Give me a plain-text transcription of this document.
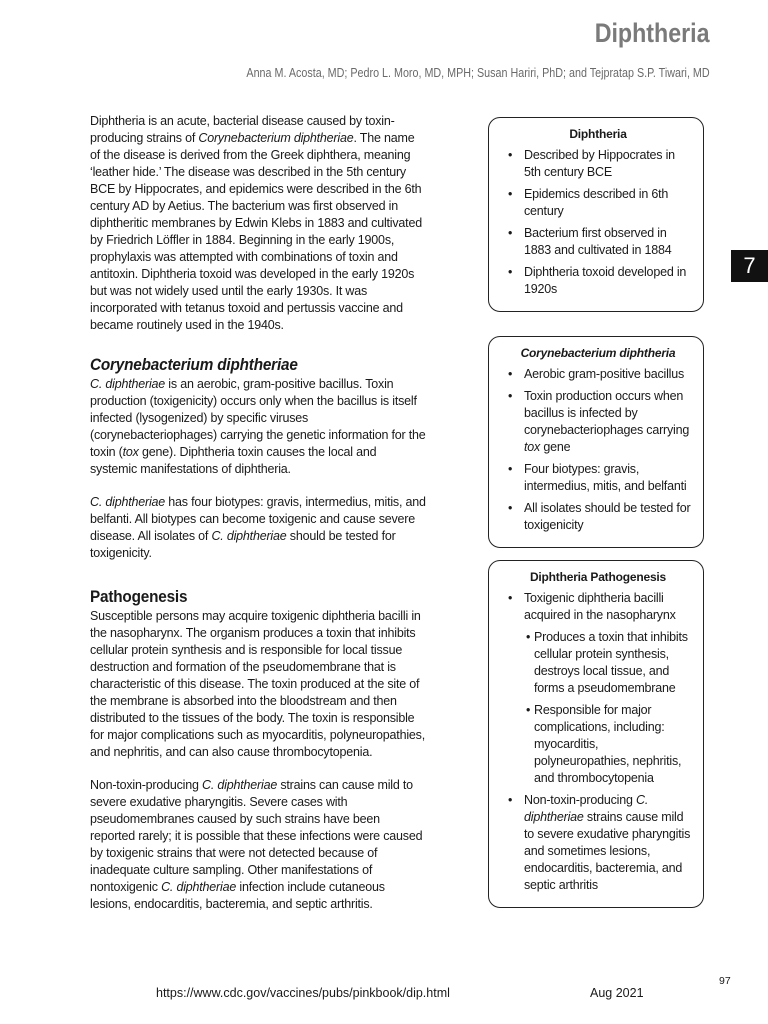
Diphtheria
Anna M. Acosta, MD; Pedro L. Moro, MD, MPH; Susan Hariri, PhD; and Tejpratap S.P. Tiwari, MD
7

Diphtheria is an acute, bacterial disease caused by toxin-producing strains of Corynebacterium diphtheriae. The name of the disease is derived from the Greek diphthera, meaning ‘leather hide.’ The disease was described in the 5th century BCE by Hippocrates, and epidemics were described in the 6th century AD by Aetius. The bacterium was first observed in diphtheritic membranes by Edwin Klebs in 1883 and cultivated by Friedrich Löffler in 1884. Beginning in the early 1900s, prophylaxis was attempted with combinations of toxin and antitoxin. Diphtheria toxoid was developed in the early 1920s but was not widely used until the early 1930s. It was incorporated with tetanus toxoid and pertussis vaccine and became routinely used in the 1940s.

Corynebacterium diphtheriae

C. diphtheriae is an aerobic, gram-positive bacillus. Toxin production (toxigenicity) occurs only when the bacillus is itself infected (lysogenized) by specific viruses (corynebacteriophages) carrying the genetic information for the toxin (tox gene). Diphtheria toxin causes the local and systemic manifestations of diphtheria.

C. diphtheriae has four biotypes: gravis, intermedius, mitis, and belfanti. All biotypes can become toxigenic and cause severe disease. All isolates of C. diphtheriae should be tested for toxigenicity.

Pathogenesis

Susceptible persons may acquire toxigenic diphtheria bacilli in the nasopharynx. The organism produces a toxin that inhibits cellular protein synthesis and is responsible for local tissue destruction and formation of the pseudomembrane that is characteristic of this disease. The toxin produced at the site of the membrane is absorbed into the bloodstream and then distributed to the tissues of the body. The toxin is responsible for major complications such as myocarditis, polyneuropathies, and nephritis, and can also cause thrombocytopenia.

Non-toxin-producing C. diphtheriae strains can cause mild to severe exudative pharyngitis. Severe cases with pseudomembranes caused by such strains have been reported rarely; it is possible that these infections were caused by toxigenic strains that were not detected because of inadequate culture sampling. Other manifestations of nontoxigenic C. diphtheriae infection include cutaneous lesions, endocarditis, bacteremia, and septic arthritis.

Diphtheria
• Described by Hippocrates in 5th century BCE
• Epidemics described in 6th century
• Bacterium first observed in 1883 and cultivated in 1884
• Diphtheria toxoid developed in 1920s
Corynebacterium diphtheria
• Aerobic gram-positive bacillus
• Toxin production occurs when bacillus is infected by corynebacteriophages carrying tox gene
• Four biotypes: gravis, intermedius, mitis, and belfanti
• All isolates should be tested for toxigenicity
Diphtheria Pathogenesis
• Toxigenic diphtheria bacilli acquired in the nasopharynx
• Produces a toxin that inhibits cellular protein synthesis, destroys local tissue, and forms a pseudomembrane
• Responsible for major complications, including: myocarditis, polyneuropathies, nephritis, and thrombocytopenia
• Non-toxin-producing C. diphtheriae strains cause mild to severe exudative pharyngitis and sometimes lesions, endocarditis, bacteremia, and septic arthritis
https://www.cdc.gov/vaccines/pubs/pinkbook/dip.html	Aug 2021
97
